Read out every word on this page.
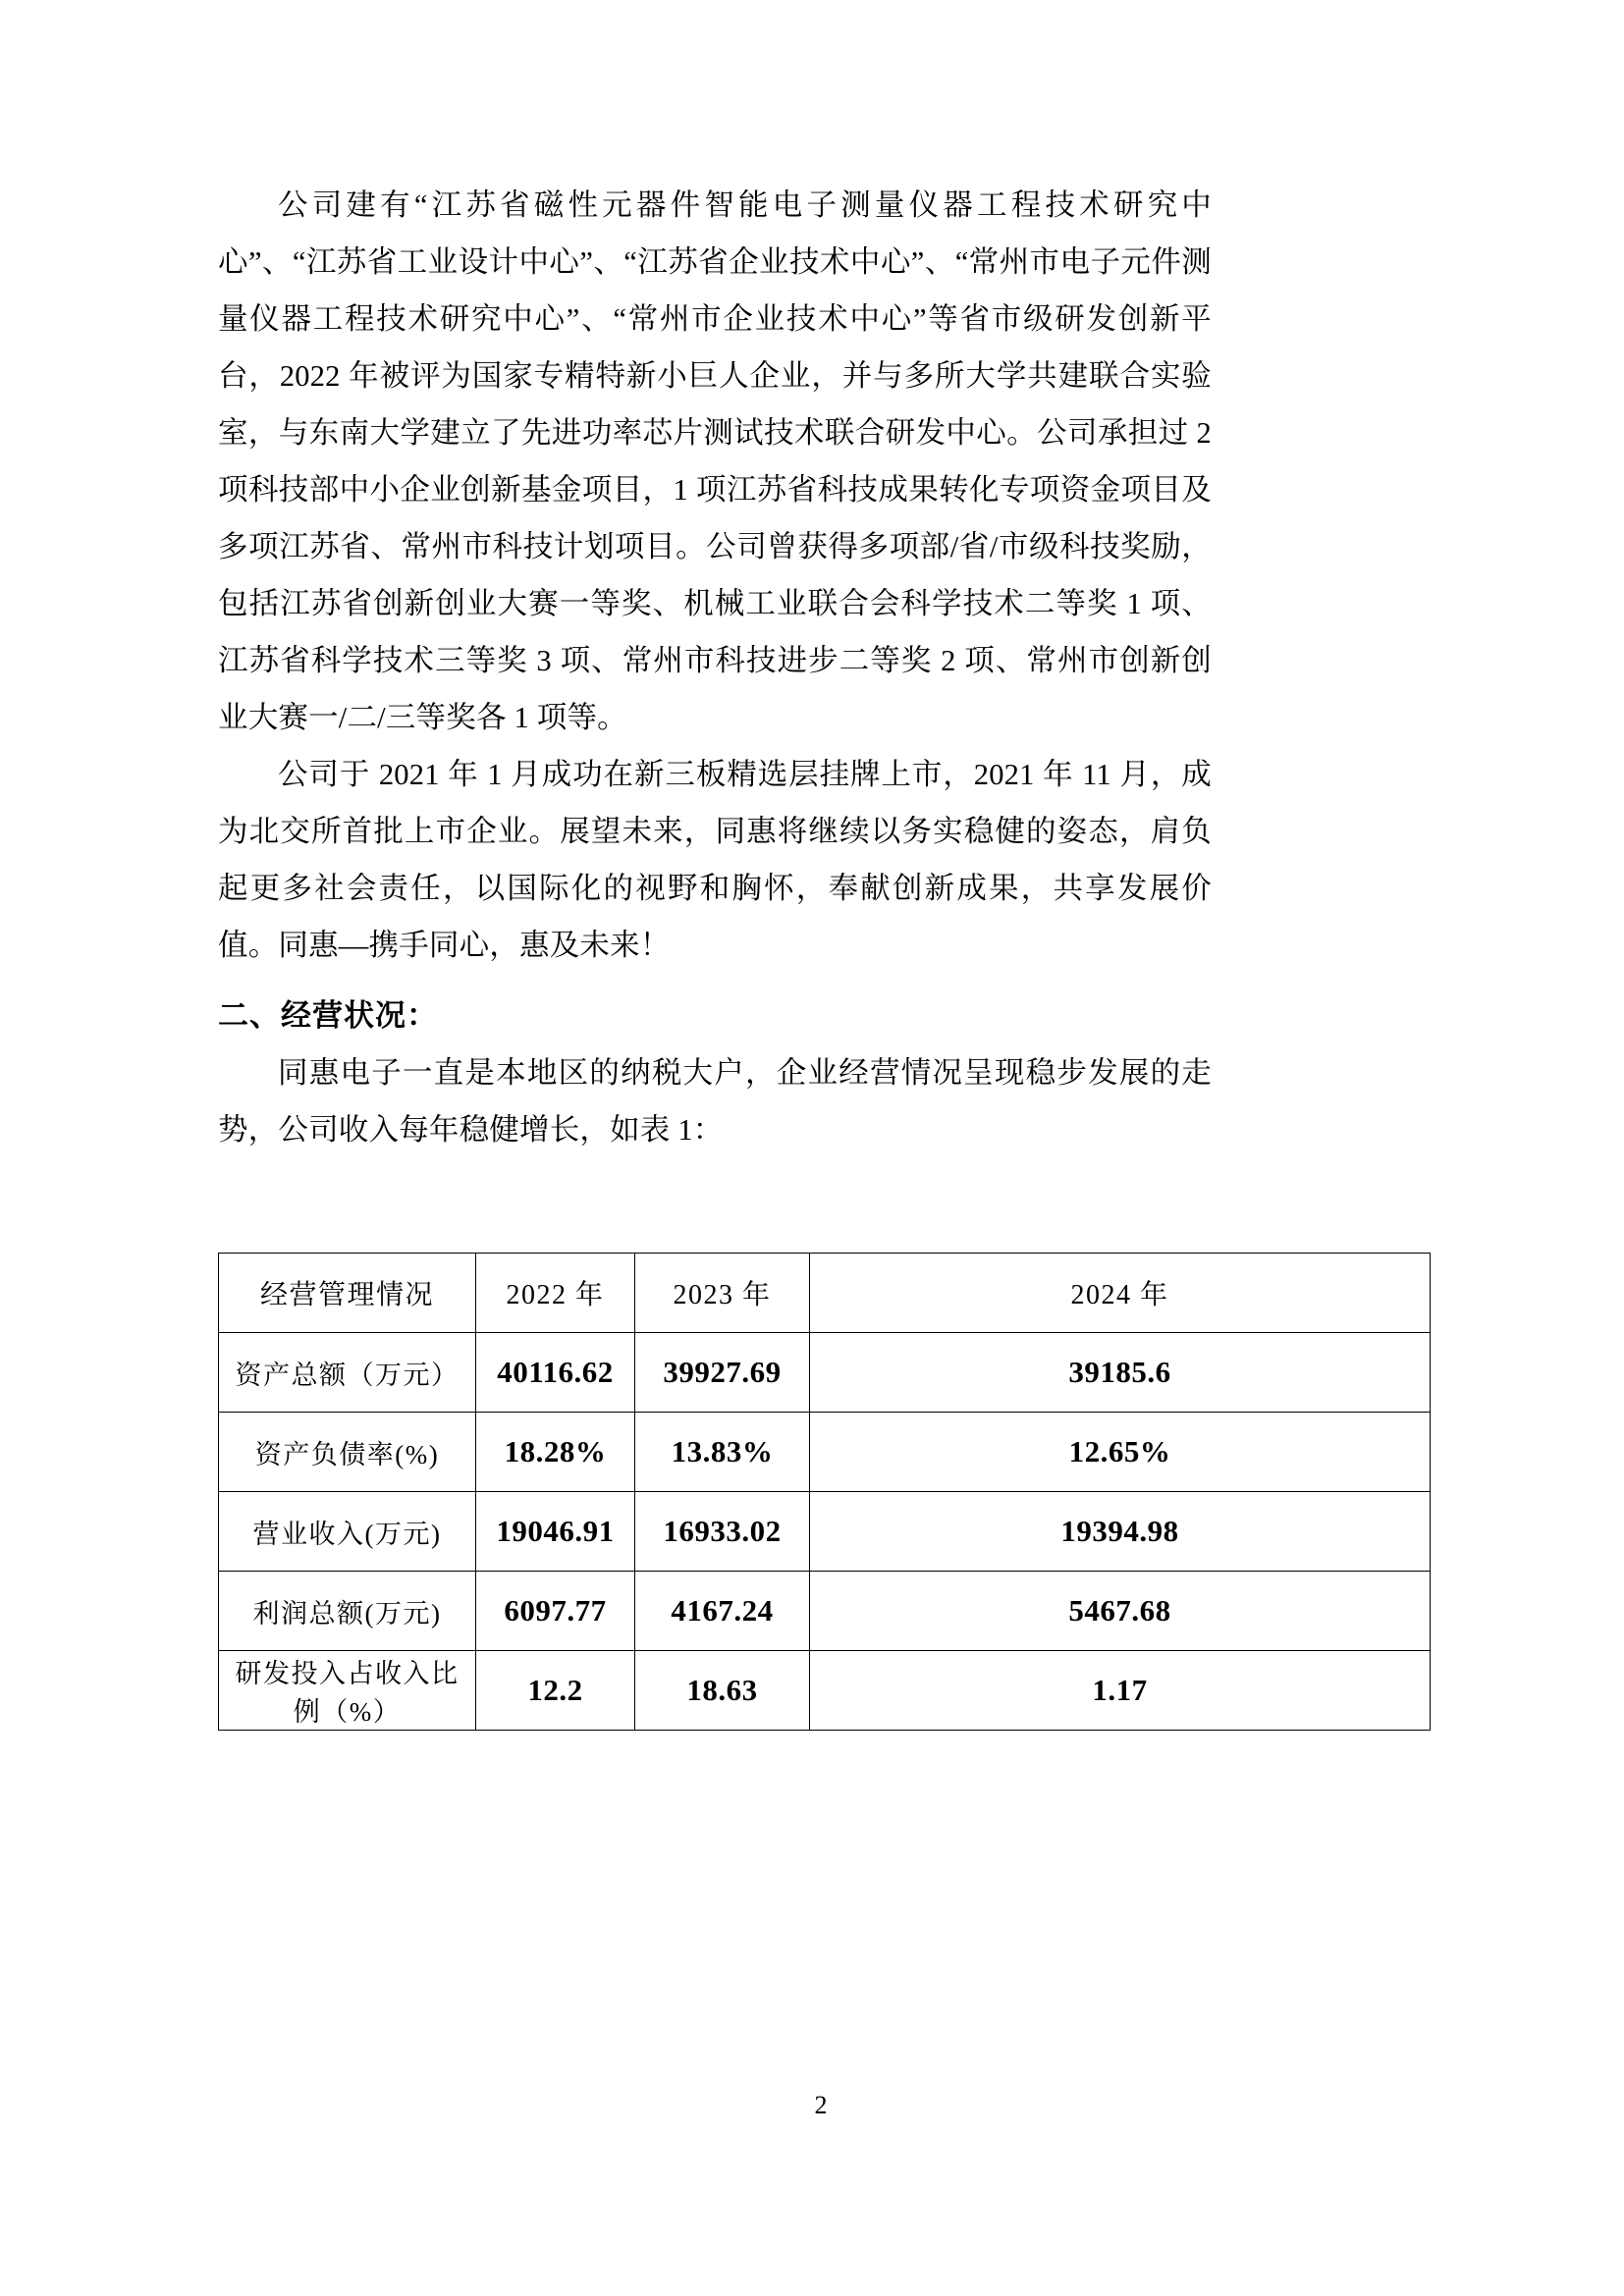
公司建有“江苏省磁性元器件智能电子测量仪器工程技术研究中心”、“江苏省工业设计中心”、“江苏省企业技术中心”、“常州市电子元件测量仪器工程技术研究中心”、“常州市企业技术中心”等省市级研发创新平台，2022 年被评为国家专精特新小巨人企业，并与多所大学共建联合实验室，与东南大学建立了先进功率芯片测试技术联合研发中心。公司承担过 2 项科技部中小企业创新基金项目，1 项江苏省科技成果转化专项资金项目及多项江苏省、常州市科技计划项目。公司曾获得多项部/省/市级科技奖励，包括江苏省创新创业大赛一等奖、机械工业联合会科学技术二等奖 1 项、江苏省科学技术三等奖 3 项、常州市科技进步二等奖 2 项、常州市创新创业大赛一/二/三等奖各 1 项等。

公司于 2021 年 1 月成功在新三板精选层挂牌上市，2021 年 11 月，成为北交所首批上市企业。展望未来，同惠将继续以务实稳健的姿态，肩负起更多社会责任，以国际化的视野和胸怀，奉献创新成果，共享发展价值。同惠—携手同心，惠及未来！

二、经营状况：

同惠电子一直是本地区的纳税大户，企业经营情况呈现稳步发展的走势，公司收入每年稳健增长，如表 1：

经营管理情况	2022 年	2023 年	2024 年
资产总额（万元）	40116.62	39927.69	39185.6
资产负债率(%)	18.28%	13.83%	12.65%
营业收入(万元)	19046.91	16933.02	19394.98
利润总额(万元)	6097.77	4167.24	5467.68
研发投入占收入比例（%）	12.2	18.63	1.17
2
